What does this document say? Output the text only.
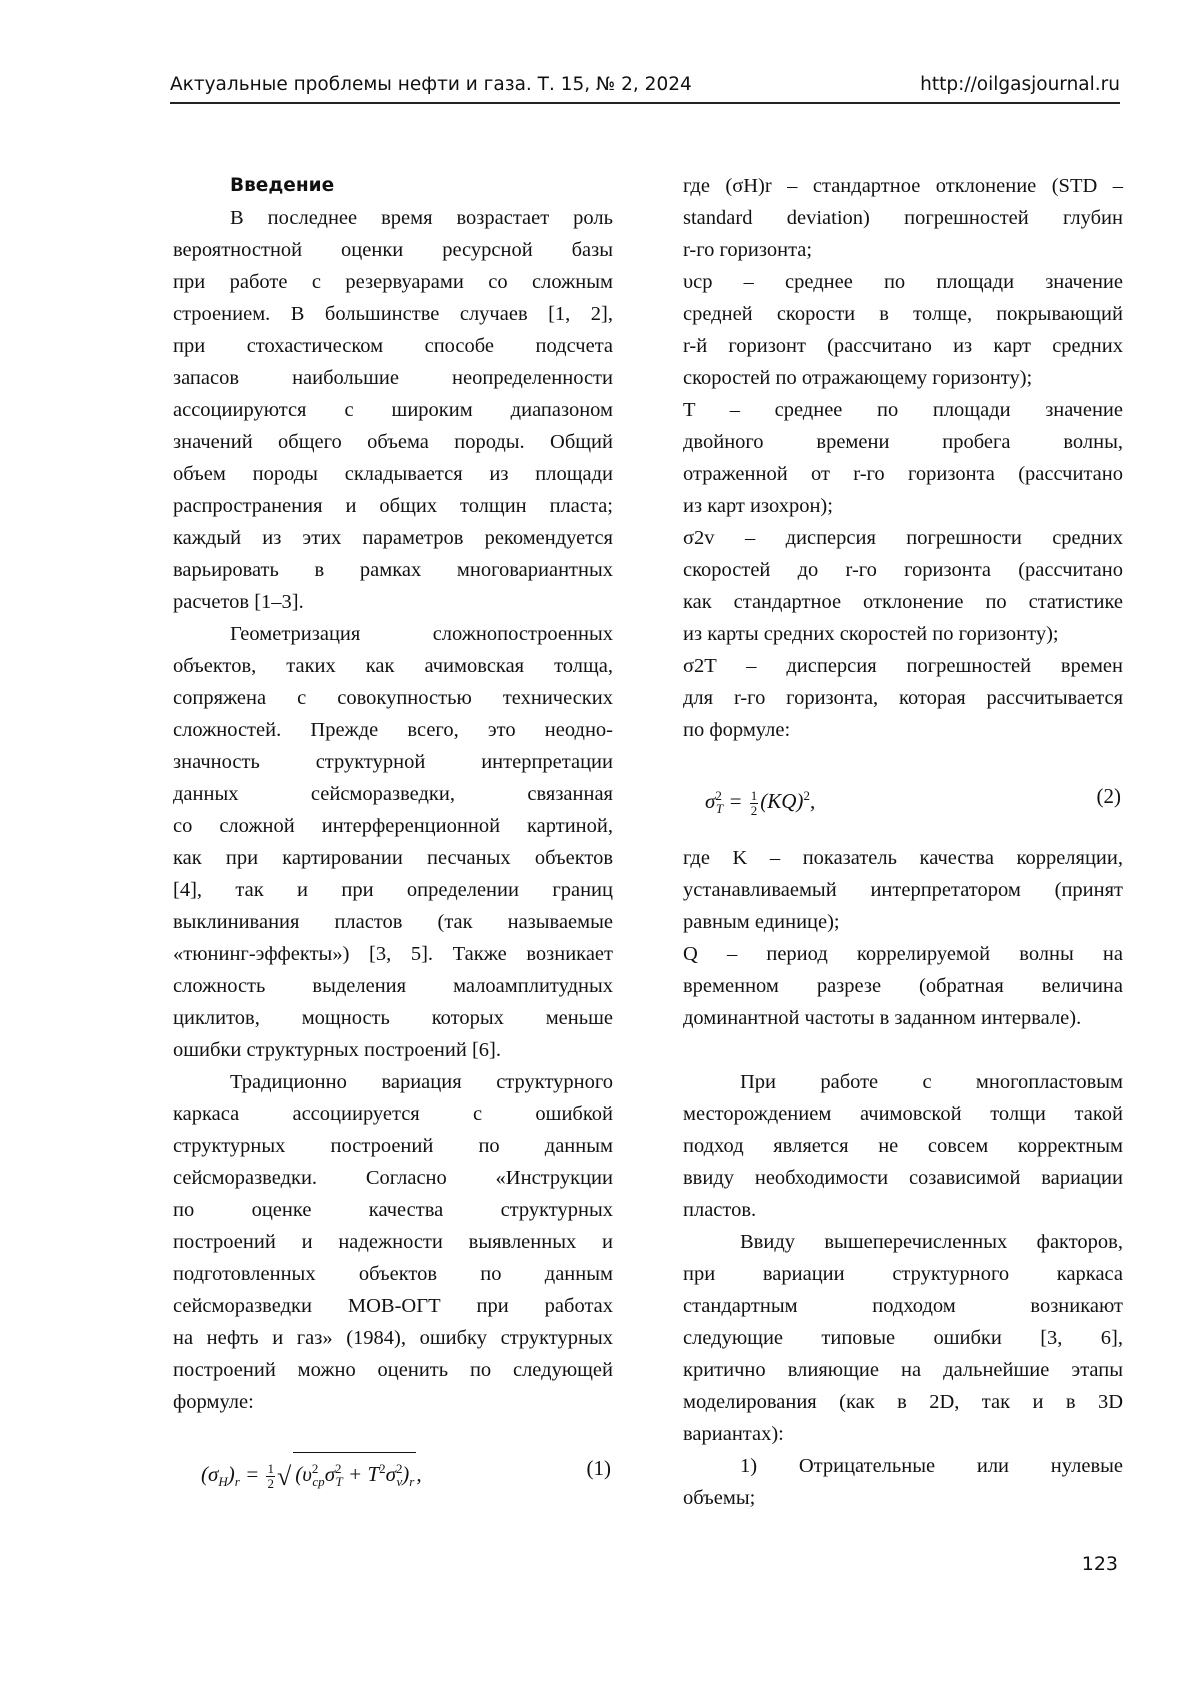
Актуальные проблемы нефти и газа. Т. 15, № 2, 2024	http://oilgasjournal.ru
Введение
В последнее время возрастает роль
вероятностной оценки ресурсной базы
при работе с резервуарами со сложным
строением. В большинстве случаев [1, 2],
при стохастическом способе подсчета
запасов наибольшие неопределенности
ассоциируются с широким диапазоном
значений общего объема породы. Общий
объем породы складывается из площади
распространения и общих толщин пласта;
каждый из этих параметров рекомендуется
варьировать в рамках многовариантных
расчетов [1–3].
Геометризация сложнопостроенных
объектов, таких как ачимовская толща,
сопряжена с совокупностью технических
сложностей. Прежде всего, это неодно-
значность структурной интерпретации
данных сейсморазведки, связанная
со сложной интерференционной картиной,
как при картировании песчаных объектов
[4], так и при определении границ
выклинивания пластов (так называемые
«тюнинг-эффекты») [3, 5]. Также возникает
сложность выделения малоамплитудных
циклитов, мощность которых меньше
ошибки структурных построений [6].
Традиционно вариация структурного
каркаса ассоциируется с ошибкой
структурных построений по данным
сейсморазведки. Согласно «Инструкции
по оценке качества структурных
построений и надежности выявленных и
подготовленных объектов по данным
сейсморазведки МОВ-ОГТ при работах
на нефть и газ» (1984), ошибку структурных
построений можно оценить по следующей
формуле:
$(\sigma_H)_r = \frac{1}{2}$ √ $(\upsilon^2_{ср}\sigma^2_T + T^2\sigma^2_v)_r$,	(1)
где (σH)r – стандартное отклонение (STD –
standard deviation) погрешностей глубин
r-го горизонта;
υср – среднее по площади значение
средней скорости в толще, покрывающий
r-й горизонт (рассчитано из карт средних
скоростей по отражающему горизонту);
T – среднее по площади значение
двойного времени пробега волны,
отраженной от r-го горизонта (рассчитано
из карт изохрон);
σ2v – дисперсия погрешности средних
скоростей до r-го горизонта (рассчитано
как стандартное отклонение по статистике
из карты средних скоростей по горизонту);
σ2T – дисперсия погрешностей времен
для r-го горизонта, которая рассчитывается
по формуле:
$\sigma^2_T = \frac{1}{2} (KQ)^2$,	(2)
где K – показатель качества корреляции,
устанавливаемый интерпретатором (принят
равным единице);
Q – период коррелируемой волны на
временном разрезе (обратная величина
доминантной частоты в заданном интервале).
При работе с многопластовым
месторождением ачимовской толщи такой
подход является не совсем корректным
ввиду необходимости созависимой вариации
пластов.
Ввиду вышеперечисленных факторов,
при вариации структурного каркаса
стандартным подходом возникают
следующие типовые ошибки [3, 6],
критично влияющие на дальнейшие этапы
моделирования (как в 2D, так и в 3D
вариантах):
1) Отрицательные или нулевые
объемы;
123
